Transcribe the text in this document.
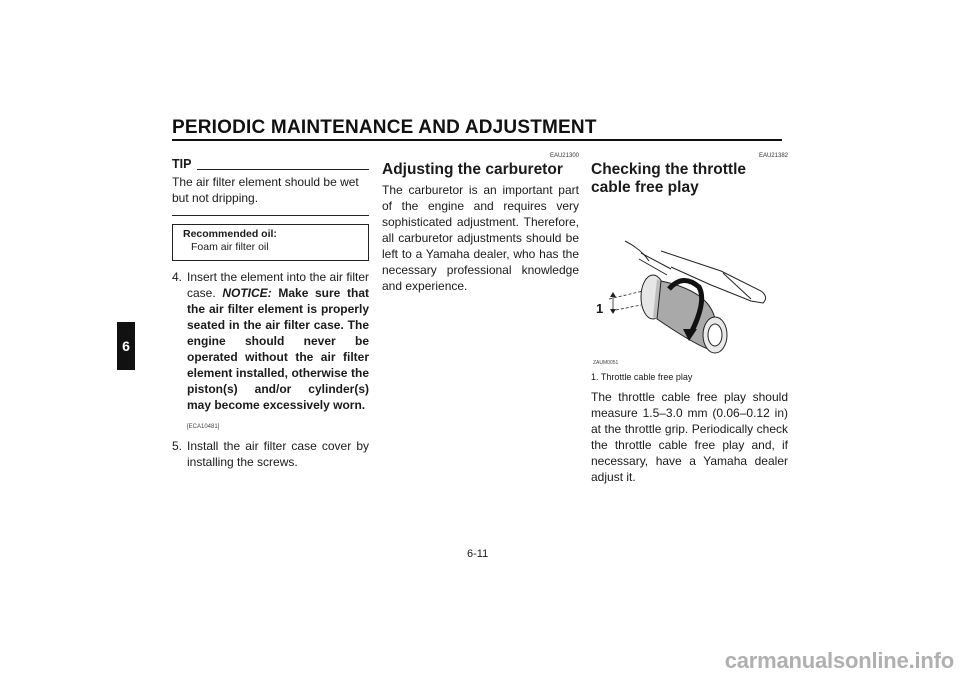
PERIODIC MAINTENANCE AND ADJUSTMENT
6
TIP
The air filter element should be wet but not dripping.
Recommended oil:
Foam air filter oil
4. Insert the element into the air filter case. NOTICE: Make sure that the air filter element is properly seated in the air filter case. The engine should never be operated without the air filter element installed, otherwise the piston(s) and/or cylinder(s) may become excessively worn.
[ECA10481]
5. Install the air filter case cover by installing the screws.
EAU21300
Adjusting the carburetor
The carburetor is an important part of the engine and requires very sophisticated adjustment. Therefore, all carburetor adjustments should be left to a Yamaha dealer, who has the necessary professional knowledge and experience.
EAU21382
Checking the throttle cable free play
1
ZAUM0051
1. Throttle cable free play
The throttle cable free play should measure 1.5–3.0 mm (0.06–0.12 in) at the throttle grip. Periodically check the throttle cable free play and, if necessary, have a Yamaha dealer adjust it.
6-11
carmanualsonline.info
